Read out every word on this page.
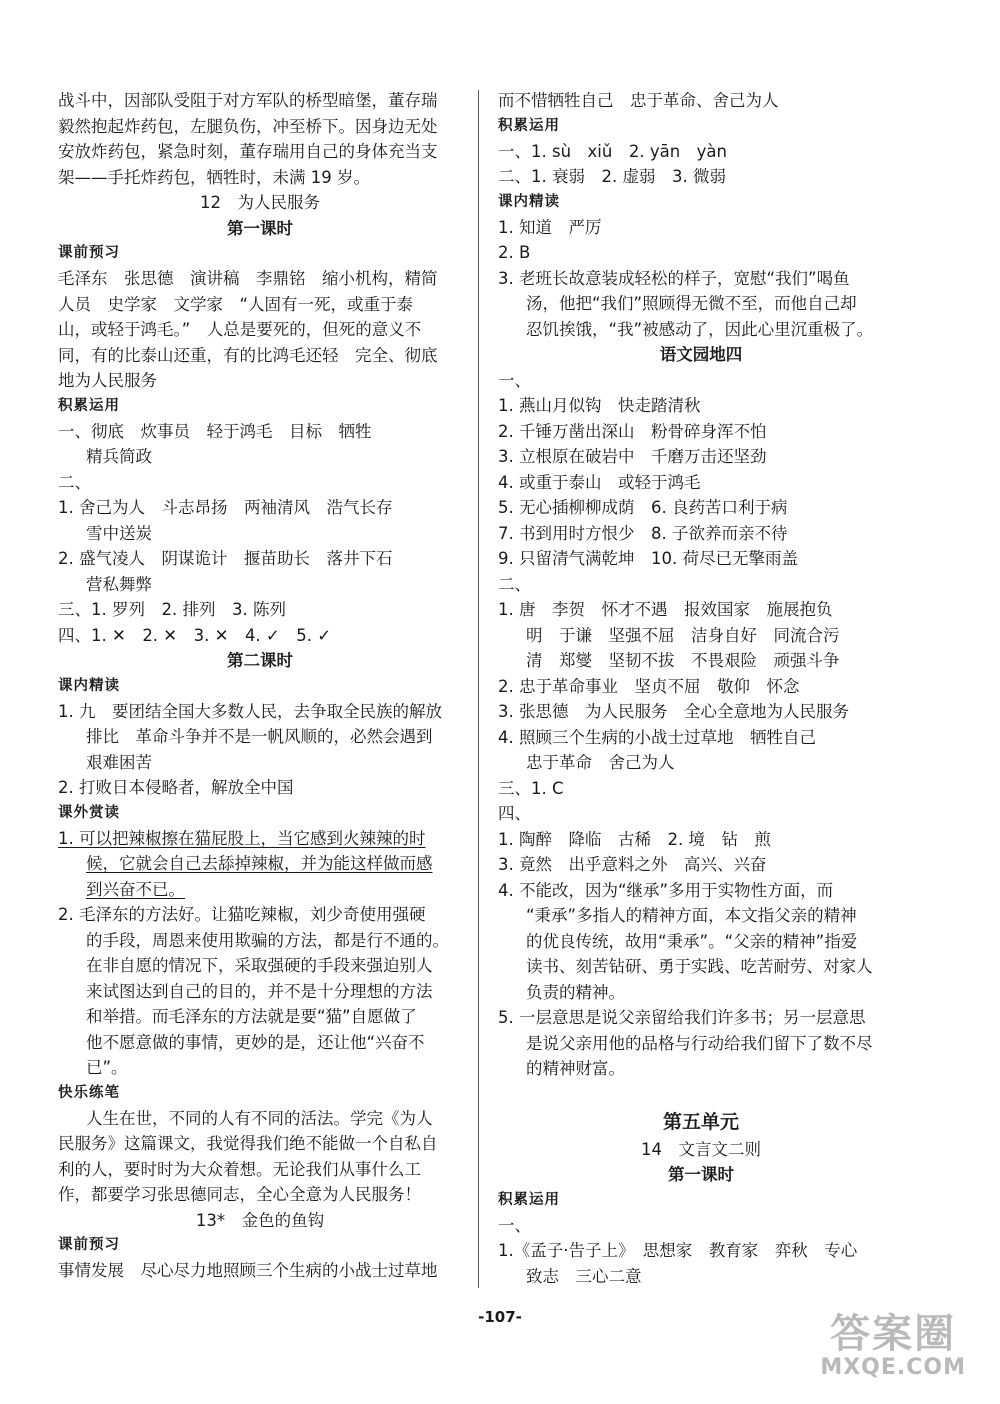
战斗中，因部队受阻于对方军队的桥型暗堡，董存瑞
毅然抱起炸药包，左腿负伤，冲至桥下。因身边无处
安放炸药包，紧急时刻，董存瑞用自己的身体充当支
架——手托炸药包，牺牲时，未满 19 岁。
12　为人民服务
第一课时
课前预习
毛泽东　张思德　演讲稿　李鼎铭　缩小机构，精简
人员　史学家　文学家　“人固有一死，或重于泰
山，或轻于鸿毛。”　人总是要死的，但死的意义不
同，有的比泰山还重，有的比鸿毛还轻　完全、彻底
地为人民服务
积累运用
一、彻底　炊事员　轻于鸿毛　目标　牺牲
精兵简政
二、
1. 舍己为人　斗志昂扬　两袖清风　浩气长存
雪中送炭
2. 盛气凌人　阴谋诡计　揠苗助长　落井下石
营私舞弊
三、1. 罗列　2. 排列　3. 陈列
四、1. ✕　2. ✕　3. ✕　4. ✓　5. ✓
第二课时
课内精读
1. 九　要团结全国大多数人民，去争取全民族的解放
排比　革命斗争并不是一帆风顺的，必然会遇到
艰难困苦
2. 打败日本侵略者，解放全中国
课外赏读
1. 可以把辣椒擦在猫屁股上，当它感到火辣辣的时
候，它就会自己去舔掉辣椒，并为能这样做而感
到兴奋不已。
2. 毛泽东的方法好。让猫吃辣椒，刘少奇使用强硬
的手段，周恩来使用欺骗的方法，都是行不通的。
在非自愿的情况下，采取强硬的手段来强迫别人
来试图达到自己的目的，并不是十分理想的方法
和举措。而毛泽东的方法就是要“猫”自愿做了
他不愿意做的事情，更妙的是，还让他“兴奋不
已”。
快乐练笔
人生在世，不同的人有不同的活法。学完《为人
民服务》这篇课文，我觉得我们绝不能做一个自私自
利的人，要时时为大众着想。无论我们从事什么工
作，都要学习张思德同志，全心全意为人民服务！
13*　金色的鱼钩
课前预习
事情发展　尽心尽力地照顾三个生病的小战士过草地
而不惜牺牲自己　忠于革命、舍己为人
积累运用
一、1. sù　xiǔ　2. yān　yàn
二、1. 衰弱　2. 虚弱　3. 微弱
课内精读
1. 知道　严厉
2. B
3. 老班长故意装成轻松的样子，宽慰“我们”喝鱼
汤，他把“我们”照顾得无微不至，而他自己却
忍饥挨饿，“我”被感动了，因此心里沉重极了。
语文园地四
一、
1. 燕山月似钩　快走踏清秋
2. 千锤万凿出深山　粉骨碎身浑不怕
3. 立根原在破岩中　千磨万击还坚劲
4. 或重于泰山　或轻于鸿毛
5. 无心插柳柳成荫　6. 良药苦口利于病
7. 书到用时方恨少　8. 子欲养而亲不待
9. 只留清气满乾坤　10. 荷尽已无擎雨盖
二、
1. 唐　李贺　怀才不遇　报效国家　施展抱负
明　于谦　坚强不屈　洁身自好　同流合污
清　郑燮　坚韧不拔　不畏艰险　顽强斗争
2. 忠于革命事业　坚贞不屈　敬仰　怀念
3. 张思德　为人民服务　全心全意地为人民服务
4. 照顾三个生病的小战士过草地　牺牲自己
忠于革命　舍己为人
三、1. C
四、
1. 陶醉　降临　古稀　2. 境　钻　煎
3. 竟然　出乎意料之外　高兴、兴奋
4. 不能改，因为“继承”多用于实物性方面，而
“秉承”多指人的精神方面，本文指父亲的精神
的优良传统，故用“秉承”。“父亲的精神”指爱
读书、刻苦钻研、勇于实践、吃苦耐劳、对家人
负责的精神。
5. 一层意思是说父亲留给我们许多书；另一层意思
是说父亲用他的品格与行动给我们留下了数不尽
的精神财富。
第五单元
14　文言文二则
第一课时
积累运用
一、
1.《孟子·告子上》　思想家　教育家　弈秋　专心
致志　三心二意
-107-	答案圈
MXQE.COM
